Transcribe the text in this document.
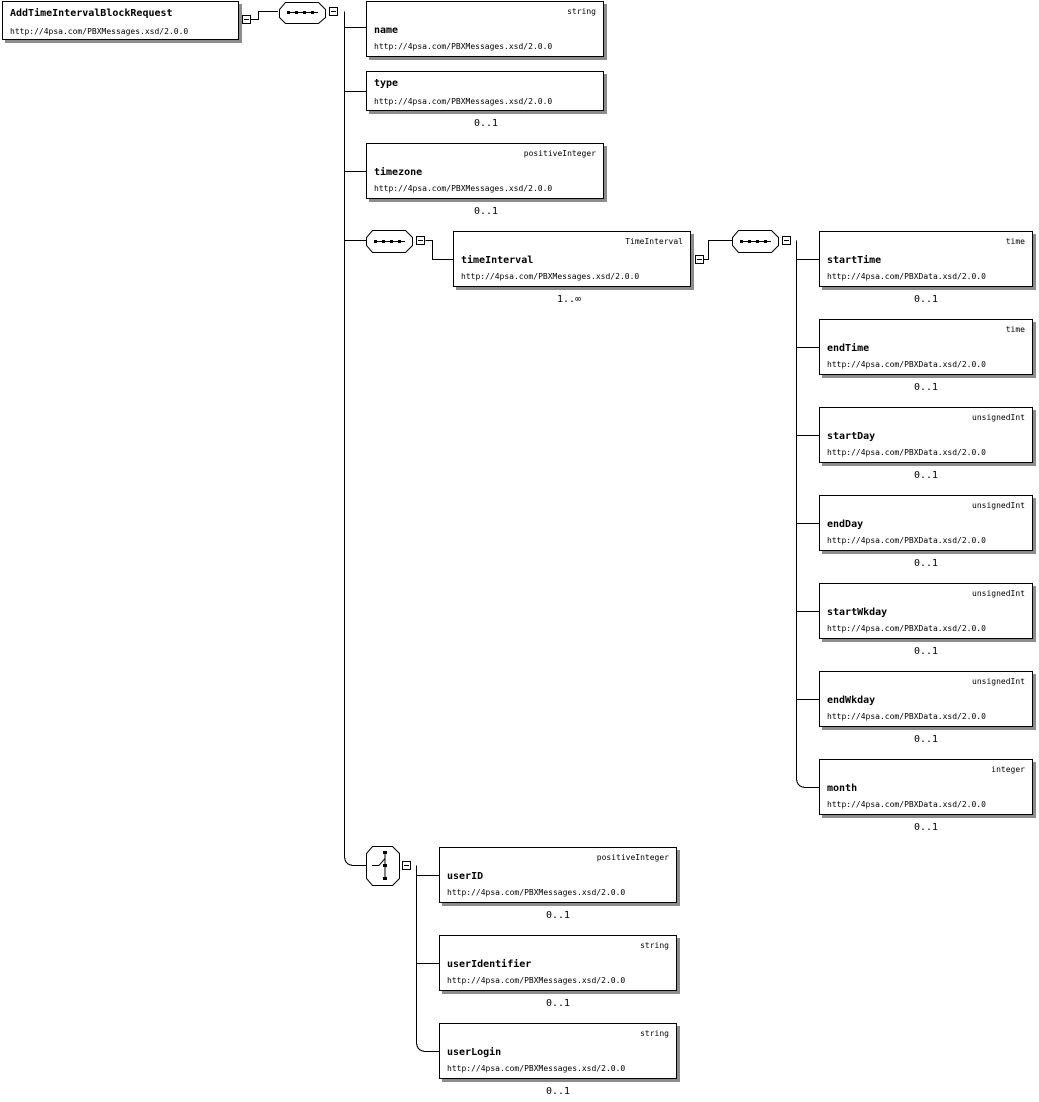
AddTimeIntervalBlockRequest
http://4psa.com/PBXMessages.xsd/2.0.0
string
name
http://4psa.com/PBXMessages.xsd/2.0.0
type
http://4psa.com/PBXMessages.xsd/2.0.0
0..1
positiveInteger
timezone
http://4psa.com/PBXMessages.xsd/2.0.0
0..1
TimeInterval
timeInterval
http://4psa.com/PBXMessages.xsd/2.0.0
1..∞
time
startTime
http://4psa.com/PBXData.xsd/2.0.0
0..1
time
endTime
http://4psa.com/PBXData.xsd/2.0.0
0..1
unsignedInt
startDay
http://4psa.com/PBXData.xsd/2.0.0
0..1
unsignedInt
endDay
http://4psa.com/PBXData.xsd/2.0.0
0..1
unsignedInt
startWkday
http://4psa.com/PBXData.xsd/2.0.0
0..1
unsignedInt
endWkday
http://4psa.com/PBXData.xsd/2.0.0
0..1
integer
month
http://4psa.com/PBXData.xsd/2.0.0
0..1
positiveInteger
userID
http://4psa.com/PBXMessages.xsd/2.0.0
0..1
string
userIdentifier
http://4psa.com/PBXMessages.xsd/2.0.0
0..1
string
userLogin
http://4psa.com/PBXMessages.xsd/2.0.0
0..1
